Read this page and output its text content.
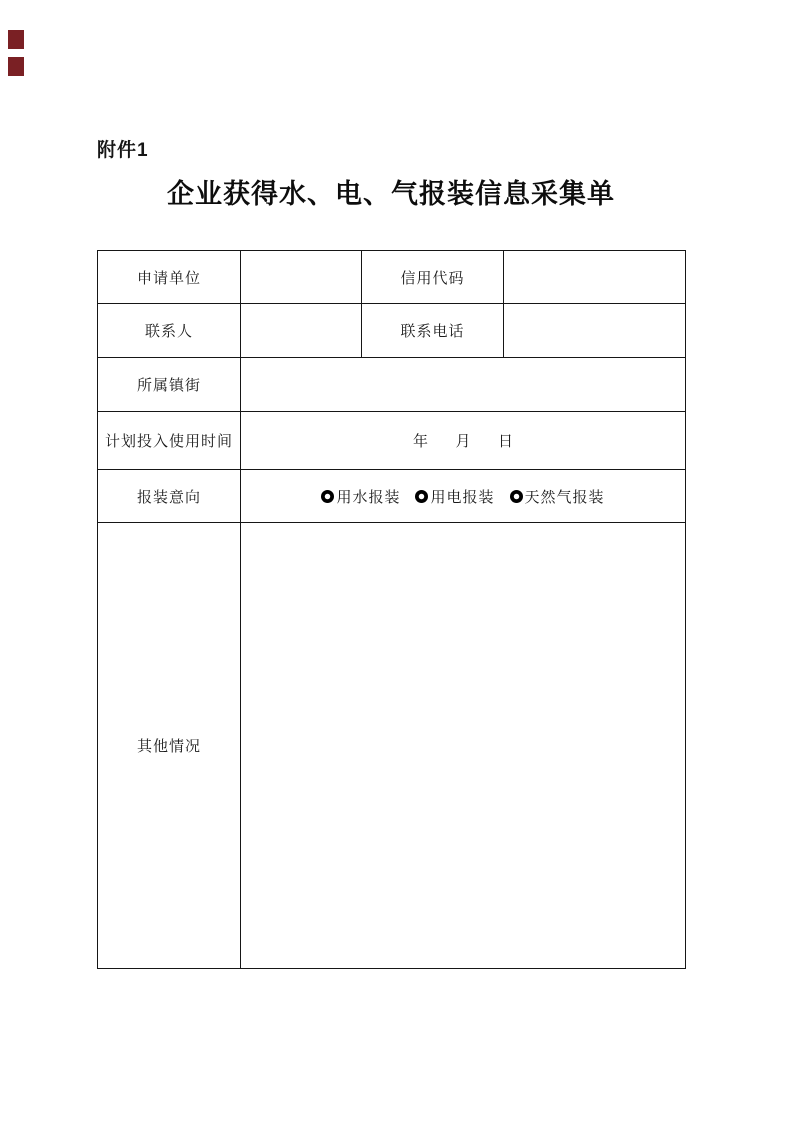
附件1
企业获得水、电、气报装信息采集单
申请单位		信用代码	
联系人		联系电话	
所属镇街			
计划投入使用时间	年  月  日		
报装意向	用水报装 用电报装 天然气报装		

其他情况			
